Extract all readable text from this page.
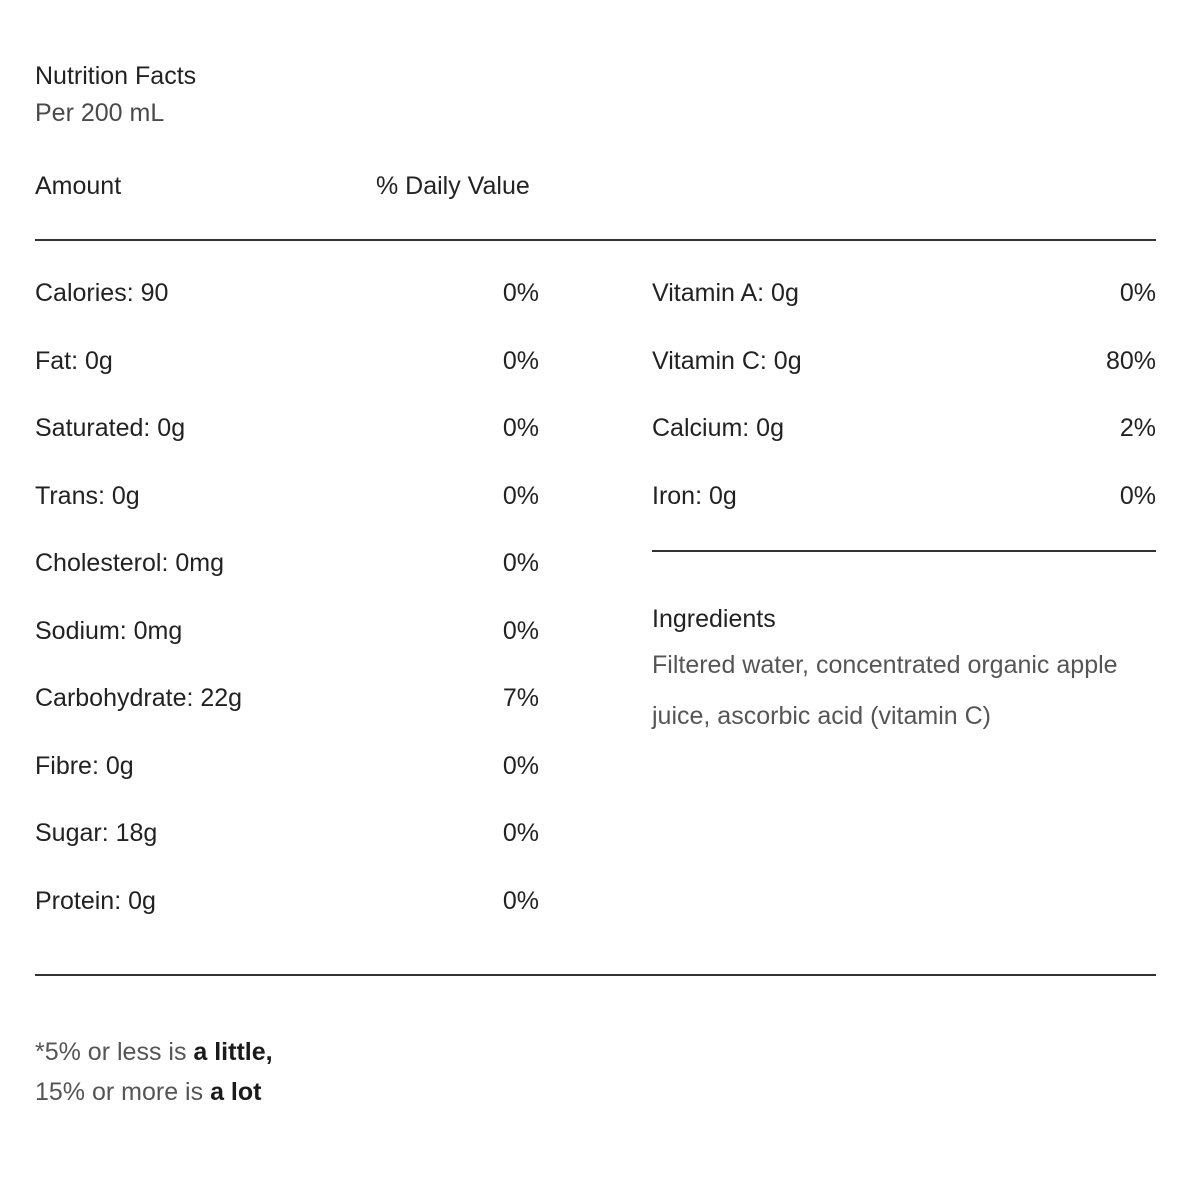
Nutrition Facts
Per 200 mL
Amount	% Daily Value
Calories: 90	0%
Fat: 0g	0%
Saturated: 0g	0%
Trans: 0g	0%
Cholesterol: 0mg	0%
Sodium: 0mg	0%
Carbohydrate: 22g	7%
Fibre: 0g	0%
Sugar: 18g	0%
Protein: 0g	0%
Vitamin A: 0g	0%
Vitamin C: 0g	80%
Calcium: 0g	2%
Iron: 0g	0%
Ingredients
Filtered water, concentrated organic apple juice, ascorbic acid (vitamin C)
*5% or less is a little,
15% or more is a lot
